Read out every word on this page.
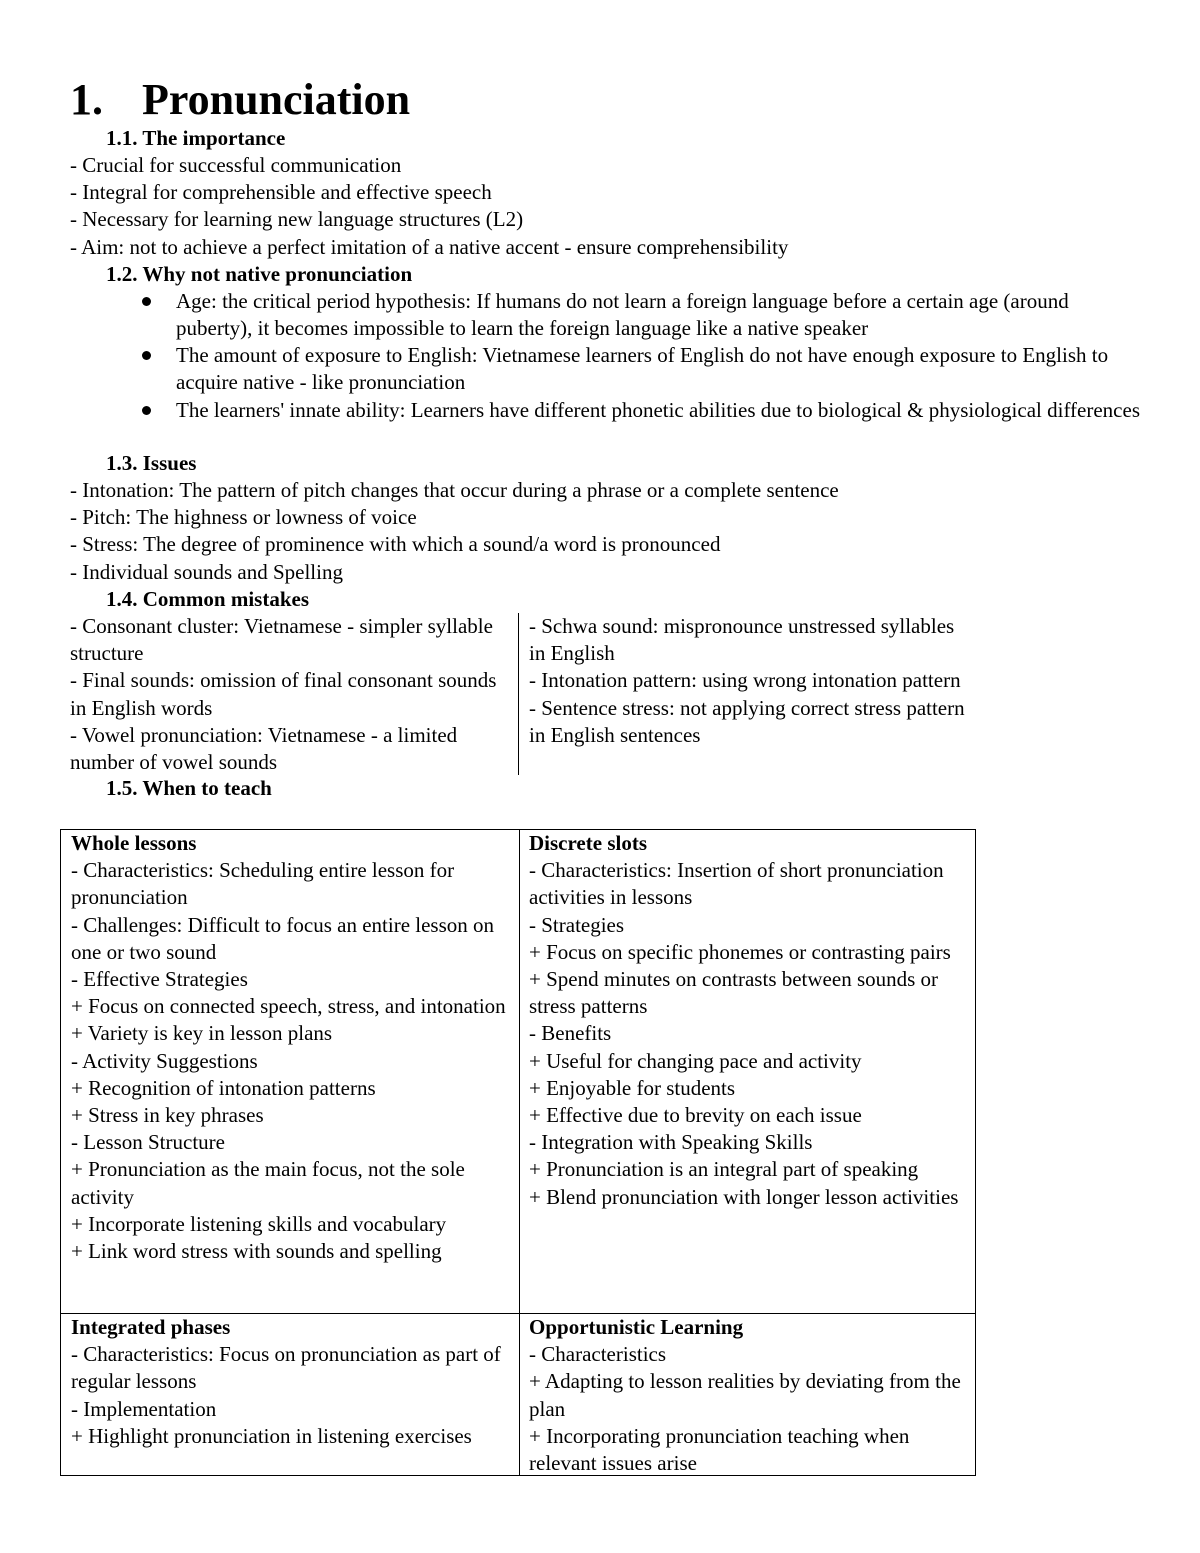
1. Pronunciation
1.1. The importance
- Crucial for successful communication
- Integral for comprehensible and effective speech
- Necessary for learning new language structures (L2)
- Aim: not to achieve a perfect imitation of a native accent - ensure comprehensibility
1.2. Why not native pronunciation

Age: the critical period hypothesis: If humans do not learn a foreign language before a certain age (around puberty), it becomes impossible to learn the foreign language like a native speaker

The amount of exposure to English: Vietnamese learners of English do not have enough exposure to English to acquire native - like pronunciation

The learners' innate ability: Learners have different phonetic abilities due to biological & physiological differences

1.3. Issues
- Intonation: The pattern of pitch changes that occur during a phrase or a complete sentence
- Pitch: The highness or lowness of voice
- Stress: The degree of prominence with which a sound/a word is pronounced
- Individual sounds and Spelling
1.4. Common mistakes

- Consonant cluster: Vietnamese - simpler syllable structure

- Final sounds: omission of final consonant sounds in English words

- Vowel pronunciation: Vietnamese - a limited number of vowel sounds

- Schwa sound: mispronounce unstressed syllables in English

- Intonation pattern: using wrong intonation pattern

- Sentence stress: not applying correct stress pattern in English sentences

1.5. When to teach

Whole lessons

- Characteristics: Scheduling entire lesson for pronunciation

- Challenges: Difficult to focus an entire lesson on one or two sound

- Effective Strategies

+ Focus on connected speech, stress, and intonation

+ Variety is key in lesson plans

- Activity Suggestions

+ Recognition of intonation patterns

+ Stress in key phrases

- Lesson Structure

+ Pronunciation as the main focus, not the sole activity

+ Incorporate listening skills and vocabulary

+ Link word stress with sounds and spelling

Discrete slots

- Characteristics: Insertion of short pronunciation activities in lessons

- Strategies

+ Focus on specific phonemes or contrasting pairs

+ Spend minutes on contrasts between sounds or stress patterns

- Benefits

+ Useful for changing pace and activity

+ Enjoyable for students

+ Effective due to brevity on each issue

- Integration with Speaking Skills

+ Pronunciation is an integral part of speaking

+ Blend pronunciation with longer lesson activities

Integrated phases

- Characteristics: Focus on pronunciation as part of regular lessons

- Implementation

+ Highlight pronunciation in listening exercises

Opportunistic Learning

- Characteristics

+ Adapting to lesson realities by deviating from the plan

+ Incorporating pronunciation teaching when relevant issues arise
